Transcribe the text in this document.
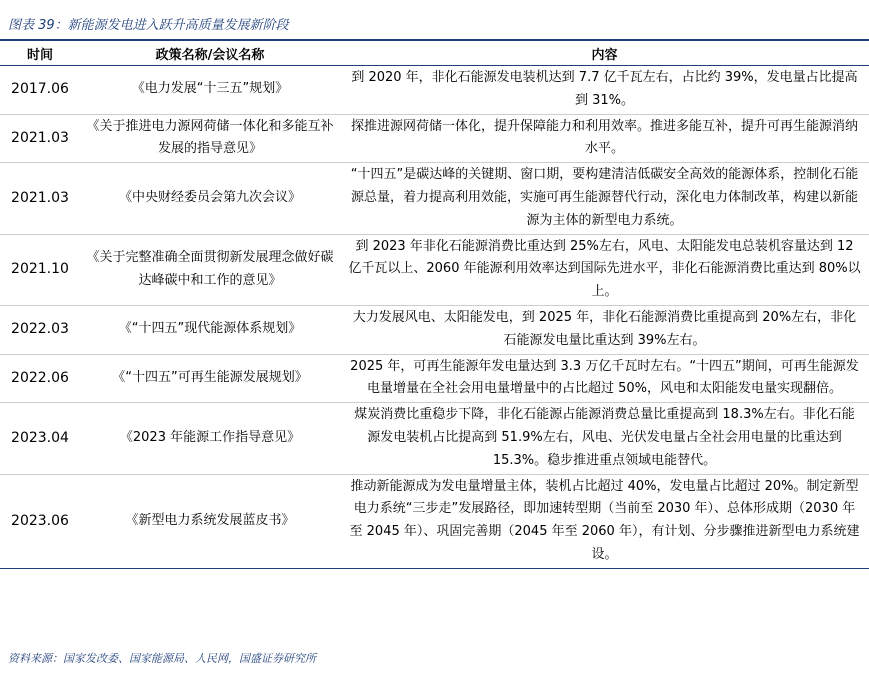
图表 39：新能源发电进入跃升高质量发展新阶段
时间	政策名称/会议名称	内容
2017.06	《电力发展“十三五”规划》	到 2020 年，非化石能源发电装机达到 7.7 亿千瓦左右，占比约 39%，发电量占比提高到 31%。
2021.03	《关于推进电力源网荷储一体化和多能互补发展的指导意见》	探推进源网荷储一体化，提升保障能力和利用效率。推进多能互补，提升可再生能源消纳水平。
2021.03	《中央财经委员会第九次会议》	“十四五”是碳达峰的关键期、窗口期，要构建清洁低碳安全高效的能源体系，控制化石能源总量，着力提高利用效能，实施可再生能源替代行动，深化电力体制改革，构建以新能源为主体的新型电力系统。
2021.10	《关于完整准确全面贯彻新发展理念做好碳达峰碳中和工作的意见》	到 2023 年非化石能源消费比重达到 25%左右，风电、太阳能发电总装机容量达到 12 亿千瓦以上、2060 年能源利用效率达到国际先进水平，非化石能源消费比重达到 80%以上。
2022.03	《“十四五”现代能源体系规划》	大力发展风电、太阳能发电，到 2025 年，非化石能源消费比重提高到 20%左右，非化石能源发电量比重达到 39%左右。
2022.06	《“十四五”可再生能源发展规划》	2025 年，可再生能源年发电量达到 3.3 万亿千瓦时左右。“十四五”期间，可再生能源发电量增量在全社会用电量增量中的占比超过 50%，风电和太阳能发电量实现翻倍。
2023.04	《2023 年能源工作指导意见》	煤炭消费比重稳步下降，非化石能源占能源消费总量比重提高到 18.3%左右。非化石能源发电装机占比提高到 51.9%左右，风电、光伏发电量占全社会用电量的比重达到 15.3%。稳步推进重点领域电能替代。
2023.06	《新型电力系统发展蓝皮书》	推动新能源成为发电量增量主体，装机占比超过 40%，发电量占比超过 20%。制定新型电力系统“三步走”发展路径，即加速转型期（当前至 2030 年）、总体形成期（2030 年至 2045 年）、巩固完善期（2045 年至 2060 年），有计划、分步骤推进新型电力系统建设。
资料来源：国家发改委、国家能源局、人民网，国盛证券研究所
